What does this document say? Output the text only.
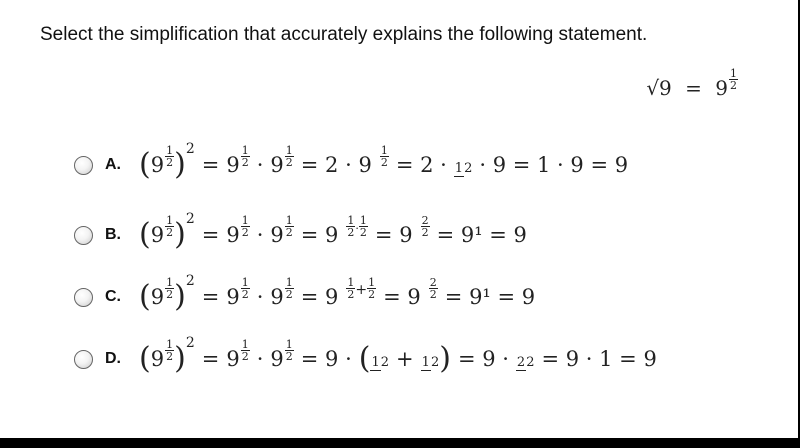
Select the simplification that accurately explains the following statement.
$√9 = 9 \frac{1}{2}$
A. ( $9 \frac{1}{2}$ ) 2
= $9 \frac{1}{2} \cdot 9 \frac{1}{2} = 2 \cdot 9 \frac{1}{2} = 2 \cdot 12 \cdot 9 = 1 \cdot 9 = 9$
B. ( $9 \frac{1}{2}$ ) 2
= $9 \frac{1}{2} \cdot 9 \frac{1}{2} = 9 \frac{1}{2} \cdot \frac{1}{2} = 9 \frac{2}{2} = 9^1 = 9$
C. ( $9 \frac{1}{2}$ ) 2
= $9 \frac{1}{2} \cdot 9 \frac{1}{2} = 9 \frac{1}{2} + \frac{1}{2} = 9 \frac{2}{2} = 9^1 = 9$
D. ( $9 \frac{1}{2}$ ) 2
= $9 \frac{1}{2} \cdot 9 \frac{1}{2} = 9$ · ( 12 + 12 ) = 9 · 22 = 9 · 1 = 9
